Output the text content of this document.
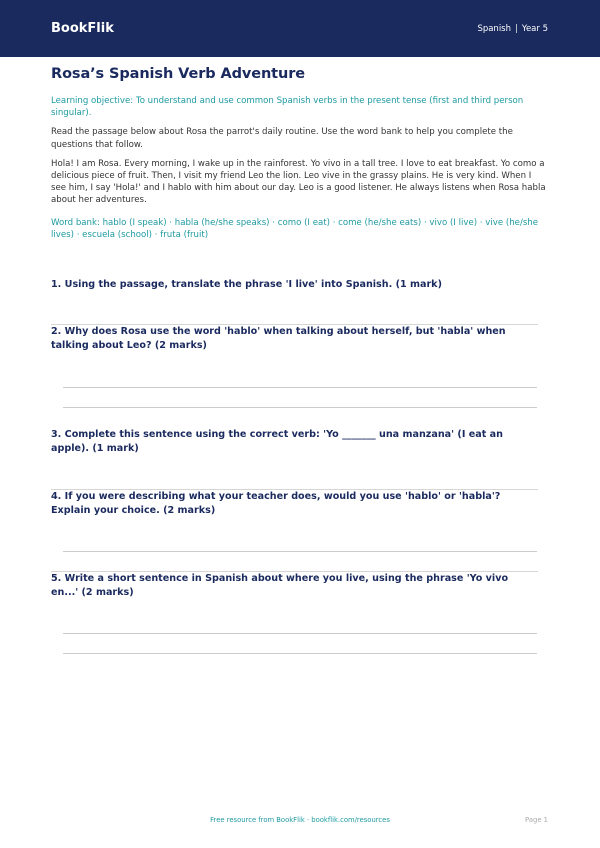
BookFlik	Spanish | Year 5
Rosa’s Spanish Verb Adventure
Learning objective: To understand and use common Spanish verbs in the present tense (first and third person singular).
Read the passage below about Rosa the parrot's daily routine. Use the word bank to help you complete the questions that follow.
Hola! I am Rosa. Every morning, I wake up in the rainforest. Yo vivo in a tall tree. I love to eat breakfast. Yo como a delicious piece of fruit. Then, I visit my friend Leo the lion. Leo vive in the grassy plains. He is very kind. When I see him, I say 'Hola!' and I hablo with him about our day. Leo is a good listener. He always listens when Rosa habla about her adventures.
Word bank: hablo (I speak) · habla (he/she speaks) · como (I eat) · come (he/she eats) · vivo (I live) · vive (he/she lives) · escuela (school) · fruta (fruit)
1. Using the passage, translate the phrase 'I live' into Spanish. (1 mark)
2. Why does Rosa use the word 'hablo' when talking about herself, but 'habla' when talking about Leo? (2 marks)
3. Complete this sentence using the correct verb: 'Yo _______ una manzana' (I eat an apple). (1 mark)
4. If you were describing what your teacher does, would you use 'hablo' or 'habla'? Explain your choice. (2 marks)
5. Write a short sentence in Spanish about where you live, using the phrase 'Yo vivo en...' (2 marks)
Free resource from BookFlik · bookflik.com/resources	Page 1
